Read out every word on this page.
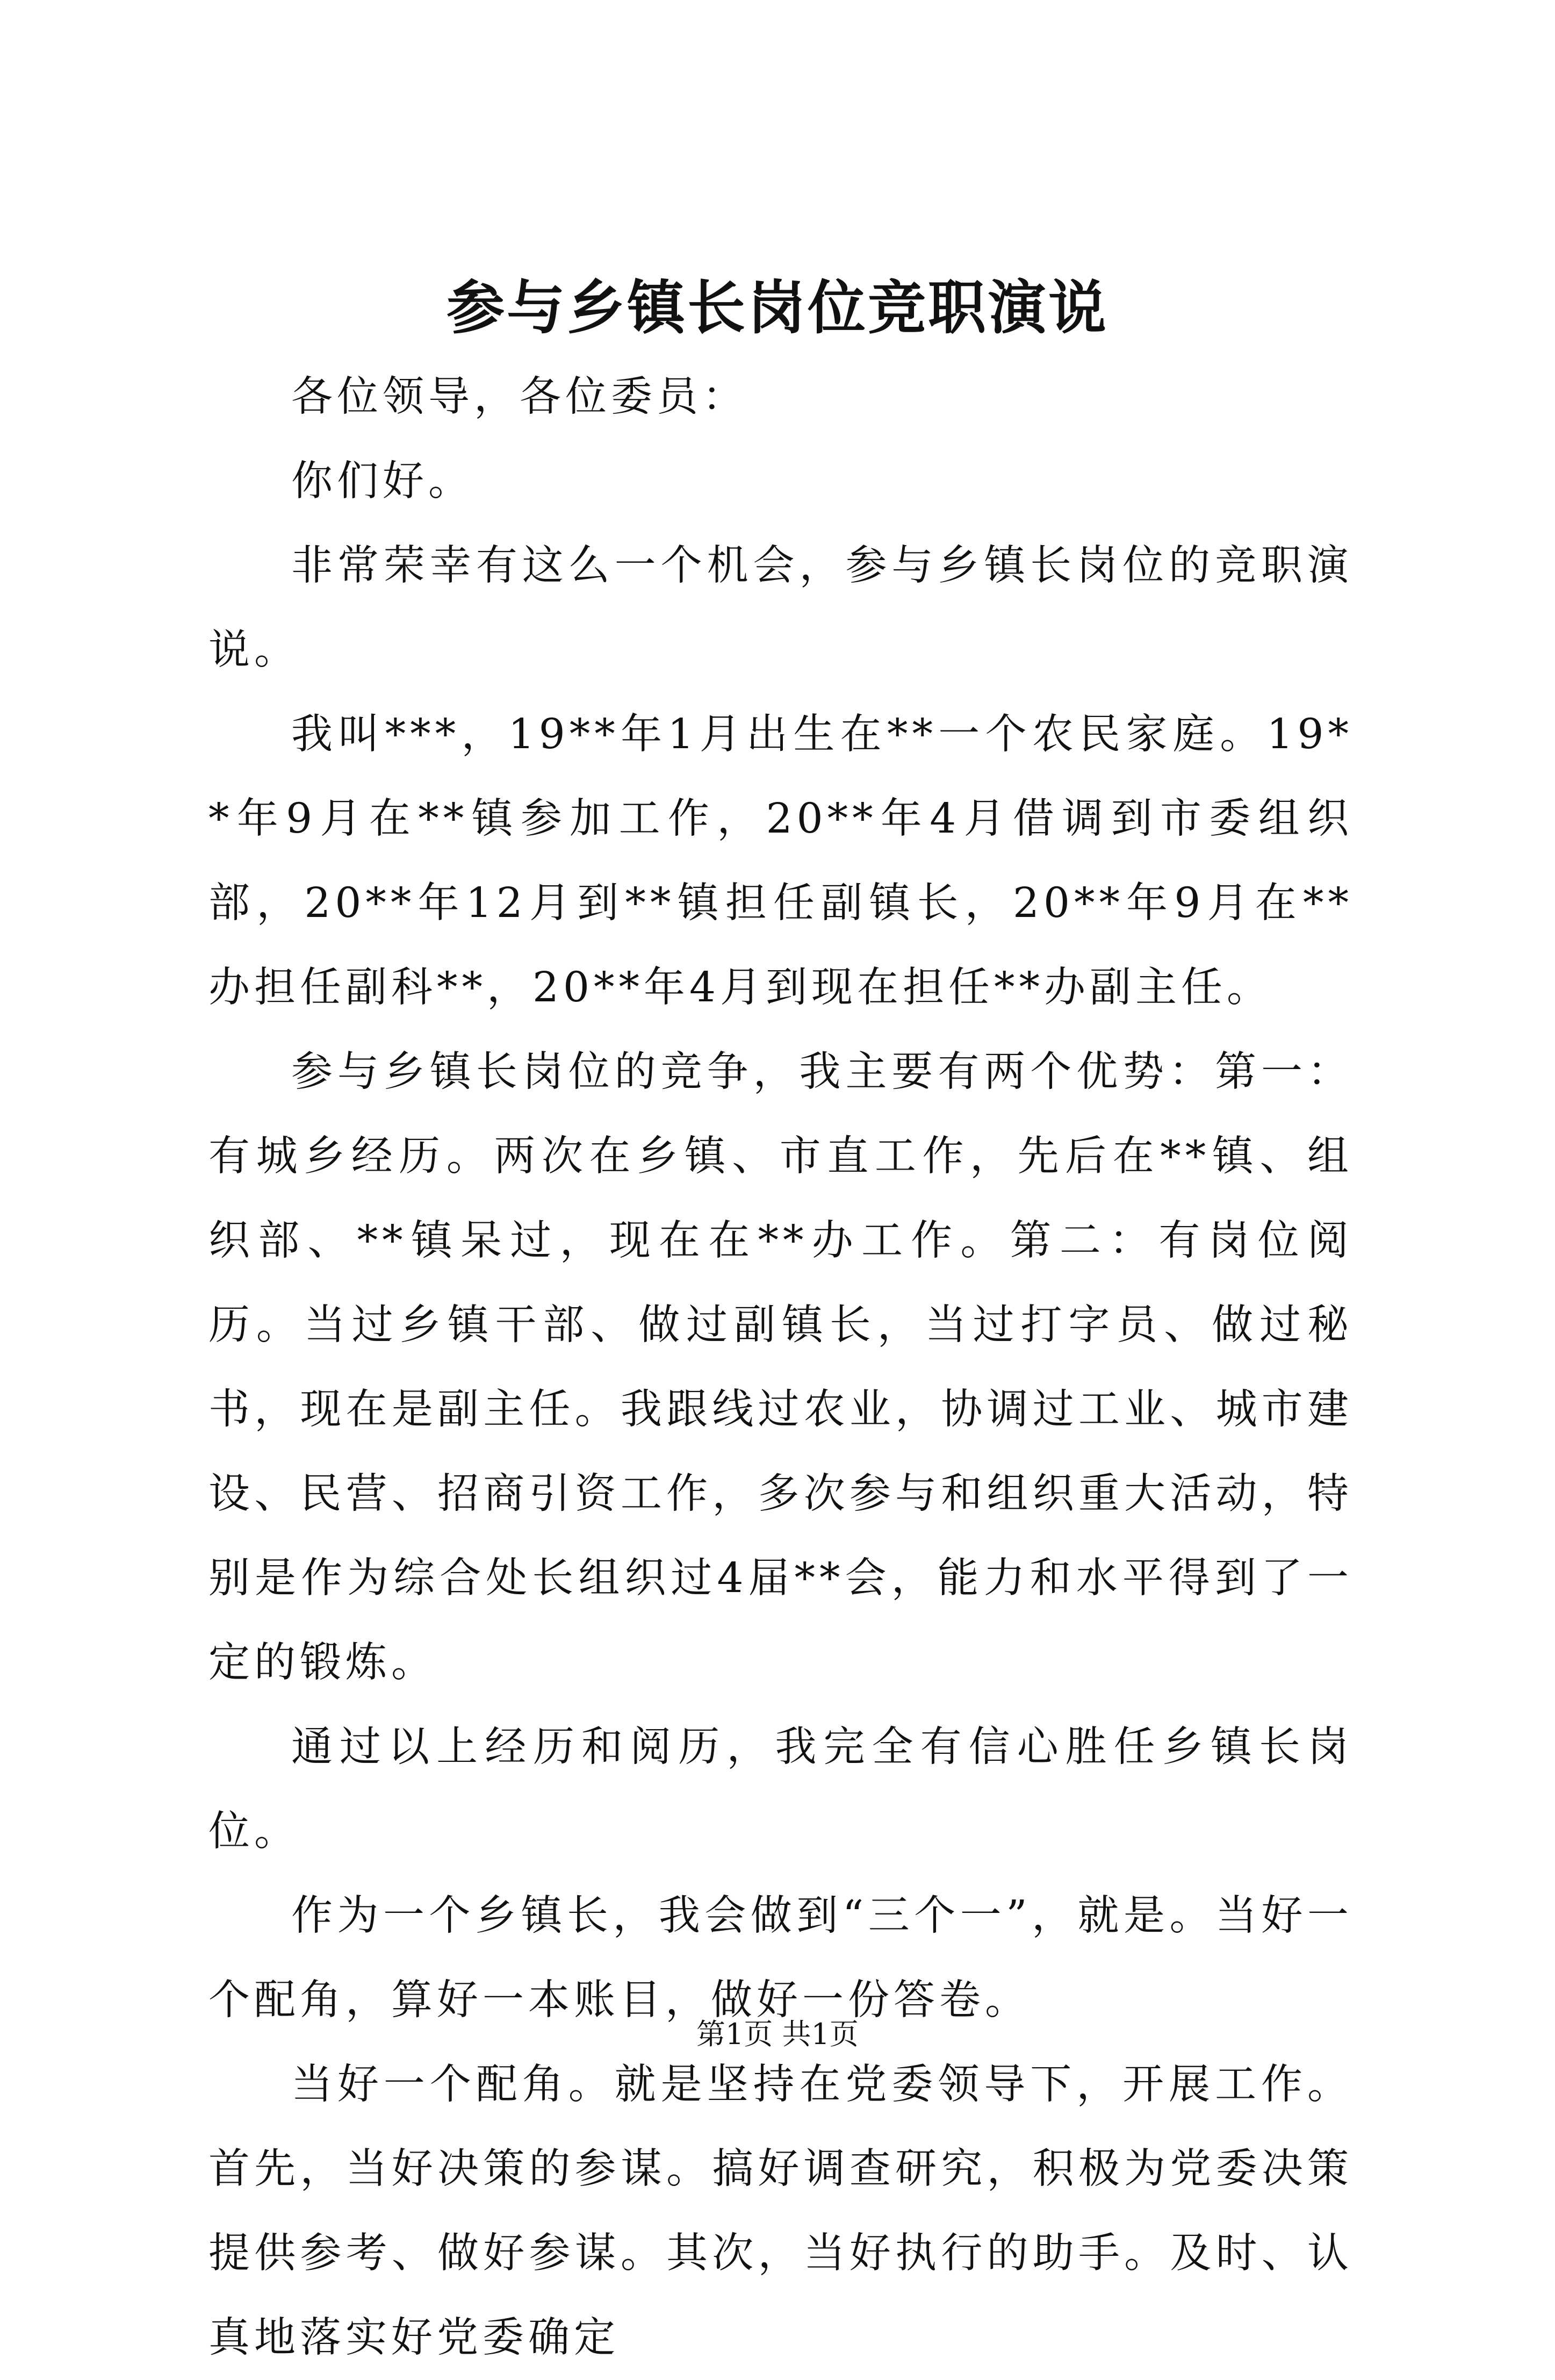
参与乡镇长岗位竞职演说

各位领导，各位委员：

你们好。

非常荣幸有这么一个机会，参与乡镇长岗位的竞职演说。

我叫***，19**年1月出生在**一个农民家庭。19**年9月在**镇参加工作，20**年4月借调到市委组织部，20**年12月到**镇担任副镇长，20**年9月在**办担任副科**，20**年4月到现在担任**办副主任。

参与乡镇长岗位的竞争，我主要有两个优势：第一：有城乡经历。两次在乡镇、市直工作，先后在**镇、组织部、**镇呆过，现在在**办工作。第二：有岗位阅历。当过乡镇干部、做过副镇长，当过打字员、做过秘书，现在是副主任。我跟线过农业，协调过工业、城市建设、民营、招商引资工作，多次参与和组织重大活动，特别是作为综合处长组织过4届**会，能力和水平得到了一定的锻炼。

通过以上经历和阅历，我完全有信心胜任乡镇长岗位。

作为一个乡镇长，我会做到“三个一”，就是。当好一个配角，算好一本账目，做好一份答卷。

当好一个配角。就是坚持在党委领导下，开展工作。首先，当好决策的参谋。搞好调查研究，积极为党委决策提供参考、做好参谋。其次，当好执行的助手。及时、认真地落实好党委确定

第1页 共1页
